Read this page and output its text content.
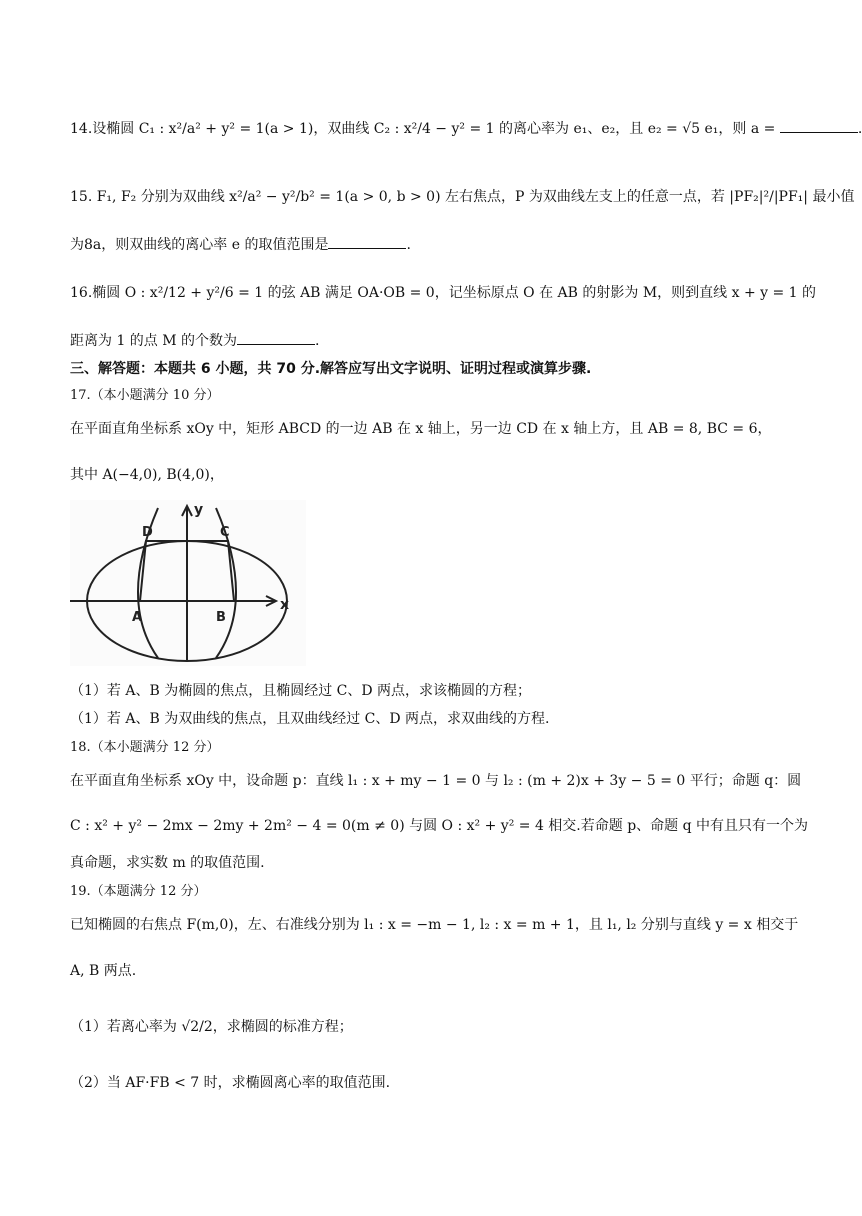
14.设椭圆 C₁ : x²/a² + y² = 1(a > 1)，双曲线 C₂ : x²/4 − y² = 1 的离心率为 e₁、e₂，且 e₂ = √5 e₁，则 a =	.
15. F₁, F₂ 分别为双曲线 x²/a² − y²/b² = 1(a > 0, b > 0) 左右焦点，P 为双曲线左支上的任意一点，若 |PF₂|²/|PF₁| 最小值
为8a，则双曲线的离心率 e 的取值范围是	.
16.椭圆 O : x²/12 + y²/6 = 1 的弦 AB 满足 OA·OB = 0，记坐标原点 O 在 AB 的射影为 M，则到直线 x + y = 1 的
距离为 1 的点 M 的个数为	.
三、解答题：本题共 6 小题，共 70 分.解答应写出文字说明、证明过程或演算步骤.
17.（本小题满分 10 分）
在平面直角坐标系 xOy 中，矩形 ABCD 的一边 AB 在 x 轴上，另一边 CD 在 x 轴上方，且 AB = 8, BC = 6，
其中 A(−4,0), B(4,0)，
D	C
A	B
x
y
（1）若 A、B 为椭圆的焦点，且椭圆经过 C、D 两点，求该椭圆的方程；
（1）若 A、B 为双曲线的焦点，且双曲线经过 C、D 两点，求双曲线的方程.
18.（本小题满分 12 分）
在平面直角坐标系 xOy 中，设命题 p：直线 l₁ : x + my − 1 = 0 与 l₂ : (m + 2)x + 3y − 5 = 0 平行；命题 q：圆
C : x² + y² − 2mx − 2my + 2m² − 4 = 0(m ≠ 0) 与圆 O : x² + y² = 4 相交.若命题 p、命题 q 中有且只有一个为
真命题，求实数 m 的取值范围.
19.（本题满分 12 分）
已知椭圆的右焦点 F(m,0)，左、右准线分别为 l₁ : x = −m − 1, l₂ : x = m + 1，且 l₁, l₂ 分别与直线 y = x 相交于
A, B 两点.
（1）若离心率为 √2/2，求椭圆的标准方程；
（2）当 AF·FB < 7 时，求椭圆离心率的取值范围.
